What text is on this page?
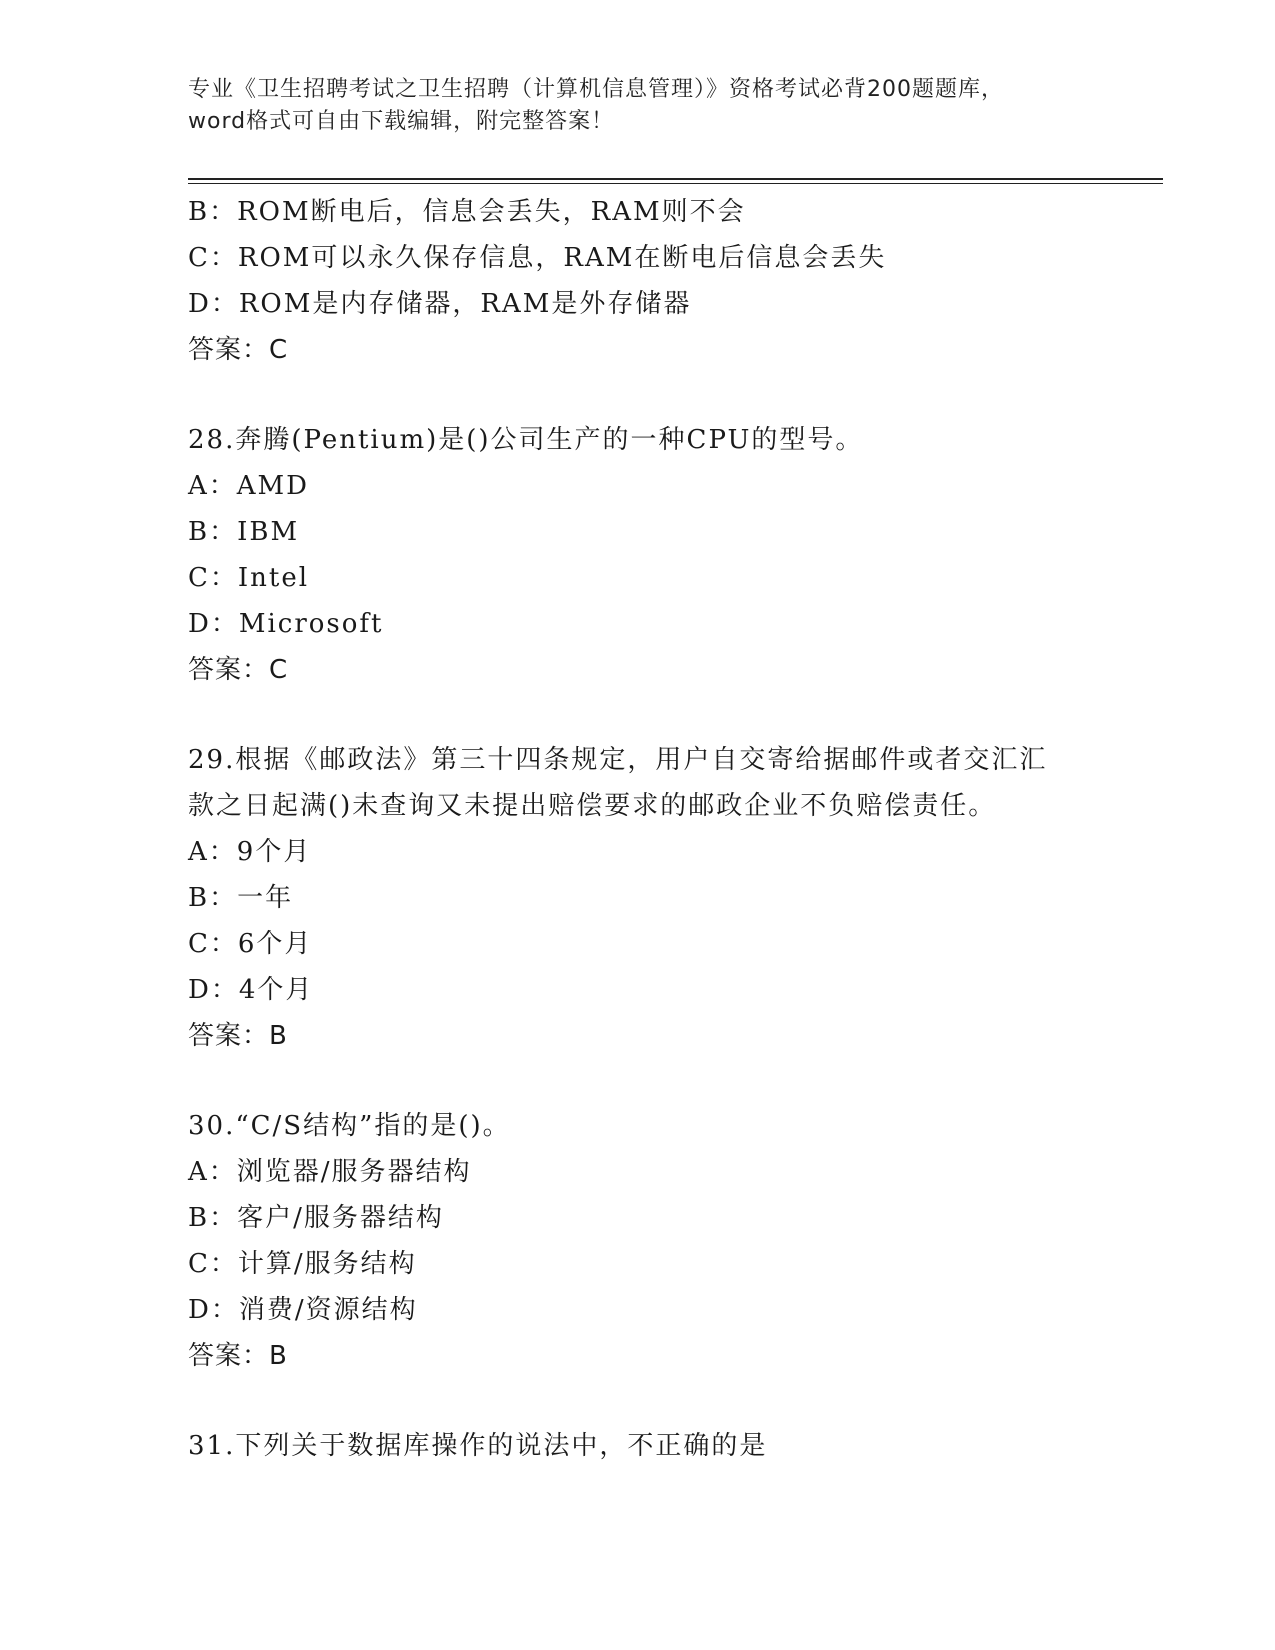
专业《卫生招聘考试之卫生招聘（计算机信息管理）》资格考试必背200题题库，
word格式可自由下载编辑，附完整答案！
B：ROM断电后，信息会丢失，RAM则不会
C：ROM可以永久保存信息，RAM在断电后信息会丢失
D：ROM是内存储器，RAM是外存储器
答案：C
28.奔腾(Pentium)是()公司生产的一种CPU的型号。
A：AMD
B：IBM
C：Intel
D：Microsoft
答案：C
29.根据《邮政法》第三十四条规定，用户自交寄给据邮件或者交汇汇
款之日起满()未查询又未提出赔偿要求的邮政企业不负赔偿责任。
A：9个月
B：一年
C：6个月
D：4个月
答案：B
30.“C/S结构”指的是()。
A：浏览器/服务器结构
B：客户/服务器结构
C：计算/服务结构
D：消费/资源结构
答案：B
31.下列关于数据库操作的说法中，不正确的是
